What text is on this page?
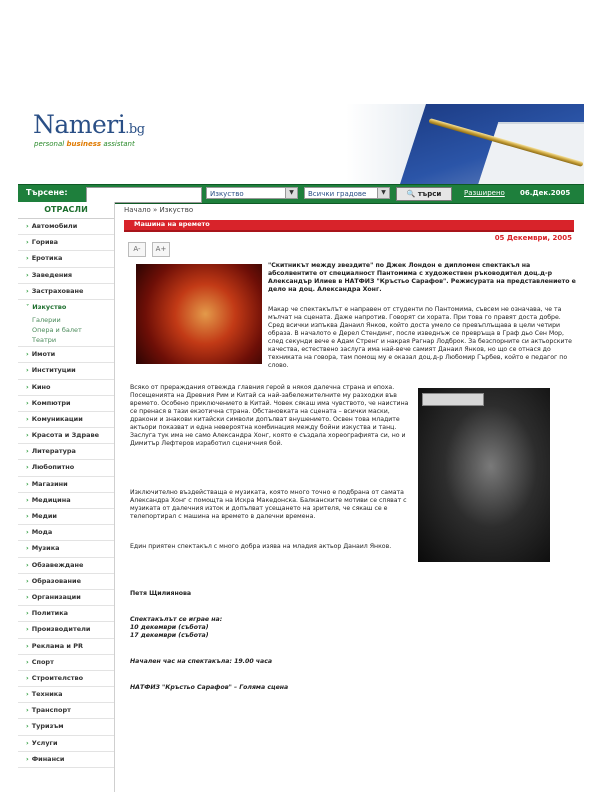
Nameri.bg
personal business assistant
Търсене:	Изкуство	▼	Всички градове	▼	🔍 търси	Разширено 06.Дек.2005
ОТРАСЛИ
› Автомобили
› Горива
› Еротика
› Заведения
› Застраховане
˅ Изкуство
Галерии
Опера и балет
Театри
› Имоти
› Институции
› Кино
› Компютри
› Комуникации
› Красота и Здраве
› Литература
› Любопитно
› Магазини
› Медицина
› Медии
› Мода
› Музика
› Обзавеждане
› Образование
› Организации
› Политика
› Производители
› Реклама и PR
› Спорт
› Строителство
› Техника
› Транспорт
› Туризъм
› Услуги
› Финанси
Начало » Изкуство
Машина на времето
05 Декември, 2005
A-	A+

"Скитникът между звездите" по Джек Лондон е дипломен спектакъл на абсолвентите от специалност Пантомима с художествен ръководител доц.д-р Александър Илиев в НАТФИЗ "Кръстьо Сарафов". Режисурата на представлението е дело на доц. Александра Хонг.

Макар че спектакълът е направен от студенти по Пантомима, съвсем не означава, че та мълчат на сцената. Даже напротив. Говорят си хората. При това го правят доста добре. Сред всички изпъква Данаил Янков, който доста умело се превъплъщава в цели четири образа. В началото е Дерел Стендинг, после изведнъж се превръща в Граф дьо Сен Мор, след секунди вече е Адам Стренг и накрая Рагнар Лодброк. За безспорните си актьорските качества, естествено заслуга има най-вече самият Данаил Янков, но що се отнася до техниката на говора, там помощ му е оказал доц.д-р Любомир Гърбев, който е педагог по слово.

Всяко от прераждания отвежда главния герой в някоя далечна страна и епоха. Посещенията на Древния Рим и Китай са най-забележителните му разходки във времето. Особено приключението в Китай. Човек сякаш има чувството, че наистина се пренася в тази екзотична страна. Обстановката на сцената – всички маски, дракони и знакови китайски символи допълват внушението. Освен това младите актьори показват и една невероятна комбинация между бойни изкуства и танц. Заслуга тук има не само Александра Хонг, която е създала хореографията си, но и Димитър Лефтеров изработил сценичния бой.

Изключително въздействаща е музиката, която много точно е подбрана от самата Александра Хонг с помощта на Искра Македонска. Балканските мотиви се спяват с музиката от далечния изток и допълват усещането на зрителя, че сякаш се е телепортирал с машина на времето в далечни времена.

Един приятен спектакъл с много добра изява на младия актьор Данаил Янков.

Петя Щилиянова

Спектакълът се играе на:

10 декември (събота)

17 декември (събота)

Начален час на спектакъла: 19.00 часа

НАТФИЗ "Кръстьо Сарафов" – Голяма сцена
